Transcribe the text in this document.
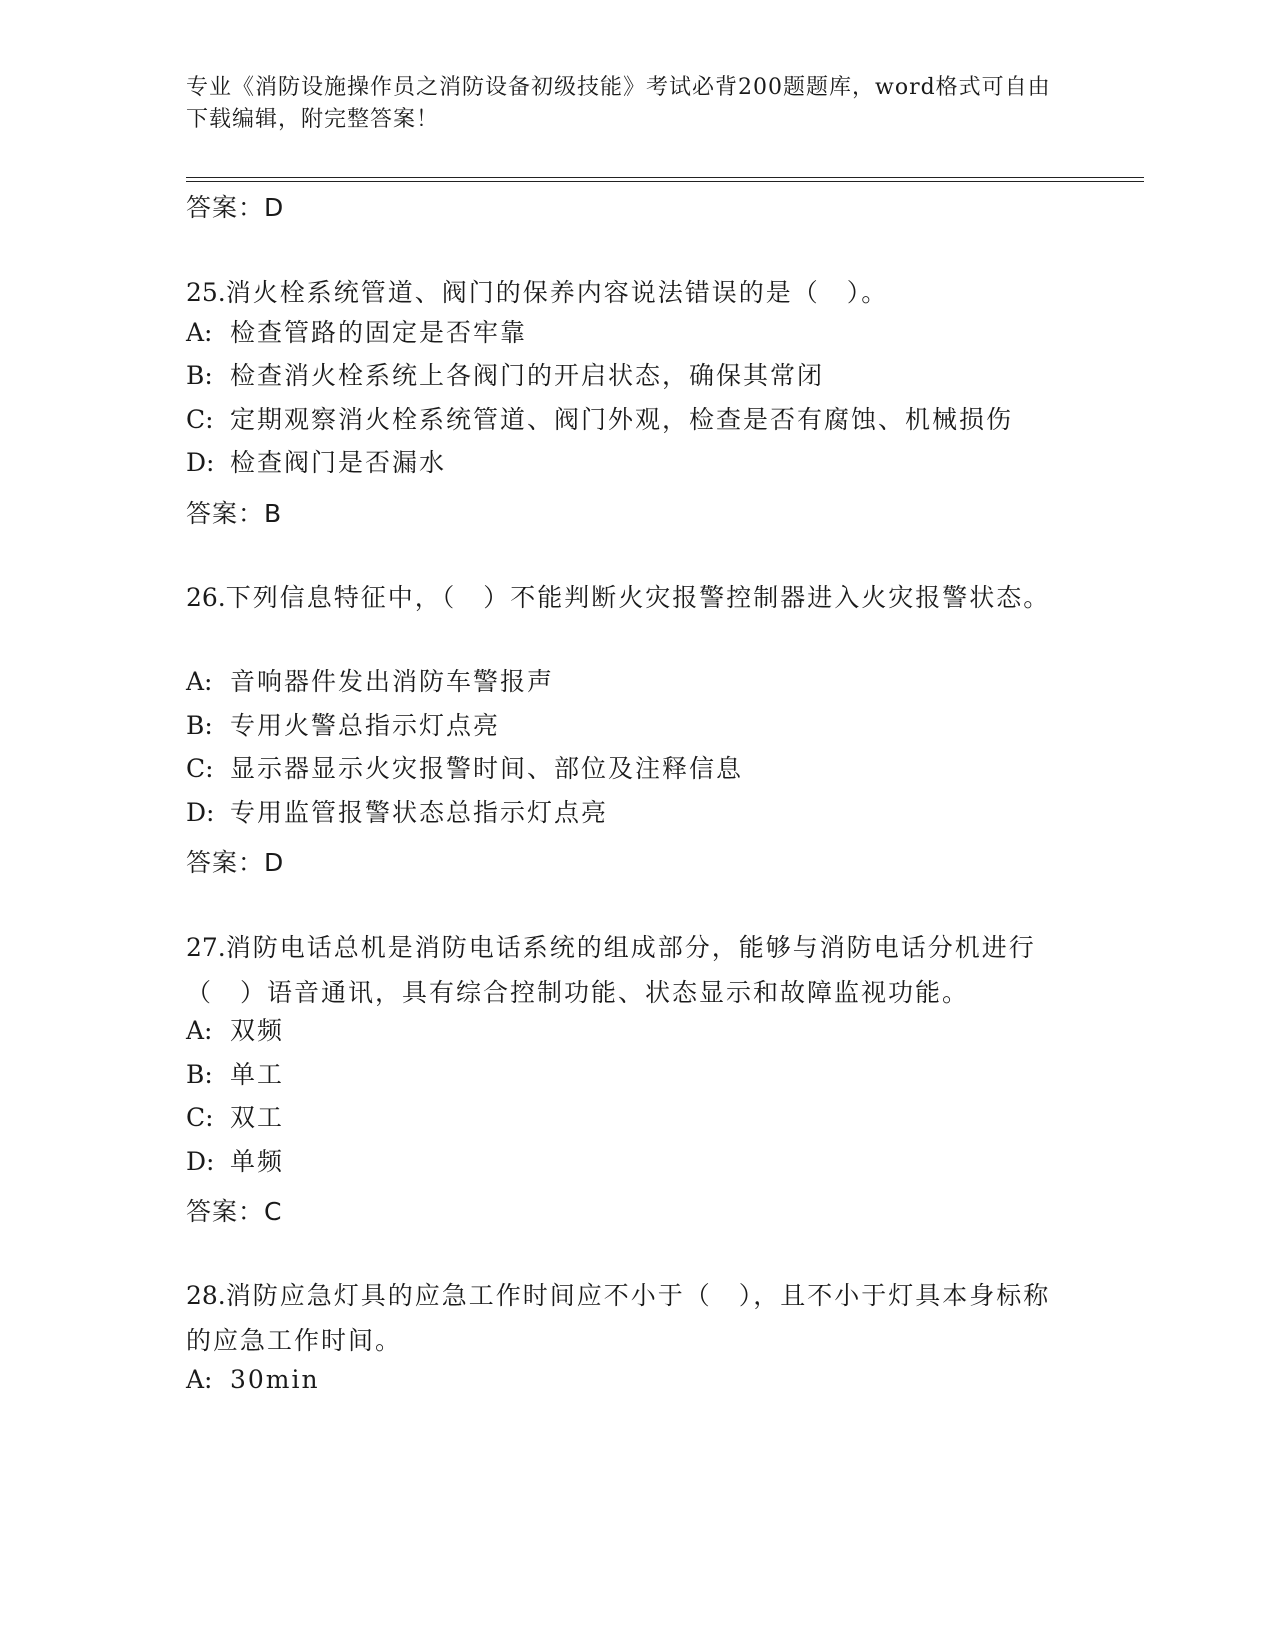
专业《消防设施操作员之消防设备初级技能》考试必背200题题库，word格式可自由下载编辑，附完整答案！
答案：D
25.消火栓系统管道、阀门的保养内容说法错误的是（　）。
A: 检查管路的固定是否牢靠
B: 检查消火栓系统上各阀门的开启状态，确保其常闭
C: 定期观察消火栓系统管道、阀门外观，检查是否有腐蚀、机械损伤
D: 检查阀门是否漏水
答案：B
26.下列信息特征中，（　）不能判断火灾报警控制器进入火灾报警状态。
A: 音响器件发出消防车警报声
B: 专用火警总指示灯点亮
C: 显示器显示火灾报警时间、部位及注释信息
D: 专用监管报警状态总指示灯点亮
答案：D
27.消防电话总机是消防电话系统的组成部分，能够与消防电话分机进行（　）语音通讯，具有综合控制功能、状态显示和故障监视功能。
A: 双频
B: 单工
C: 双工
D: 单频
答案：C
28.消防应急灯具的应急工作时间应不小于（　），且不小于灯具本身标称的应急工作时间。
A: 30min
